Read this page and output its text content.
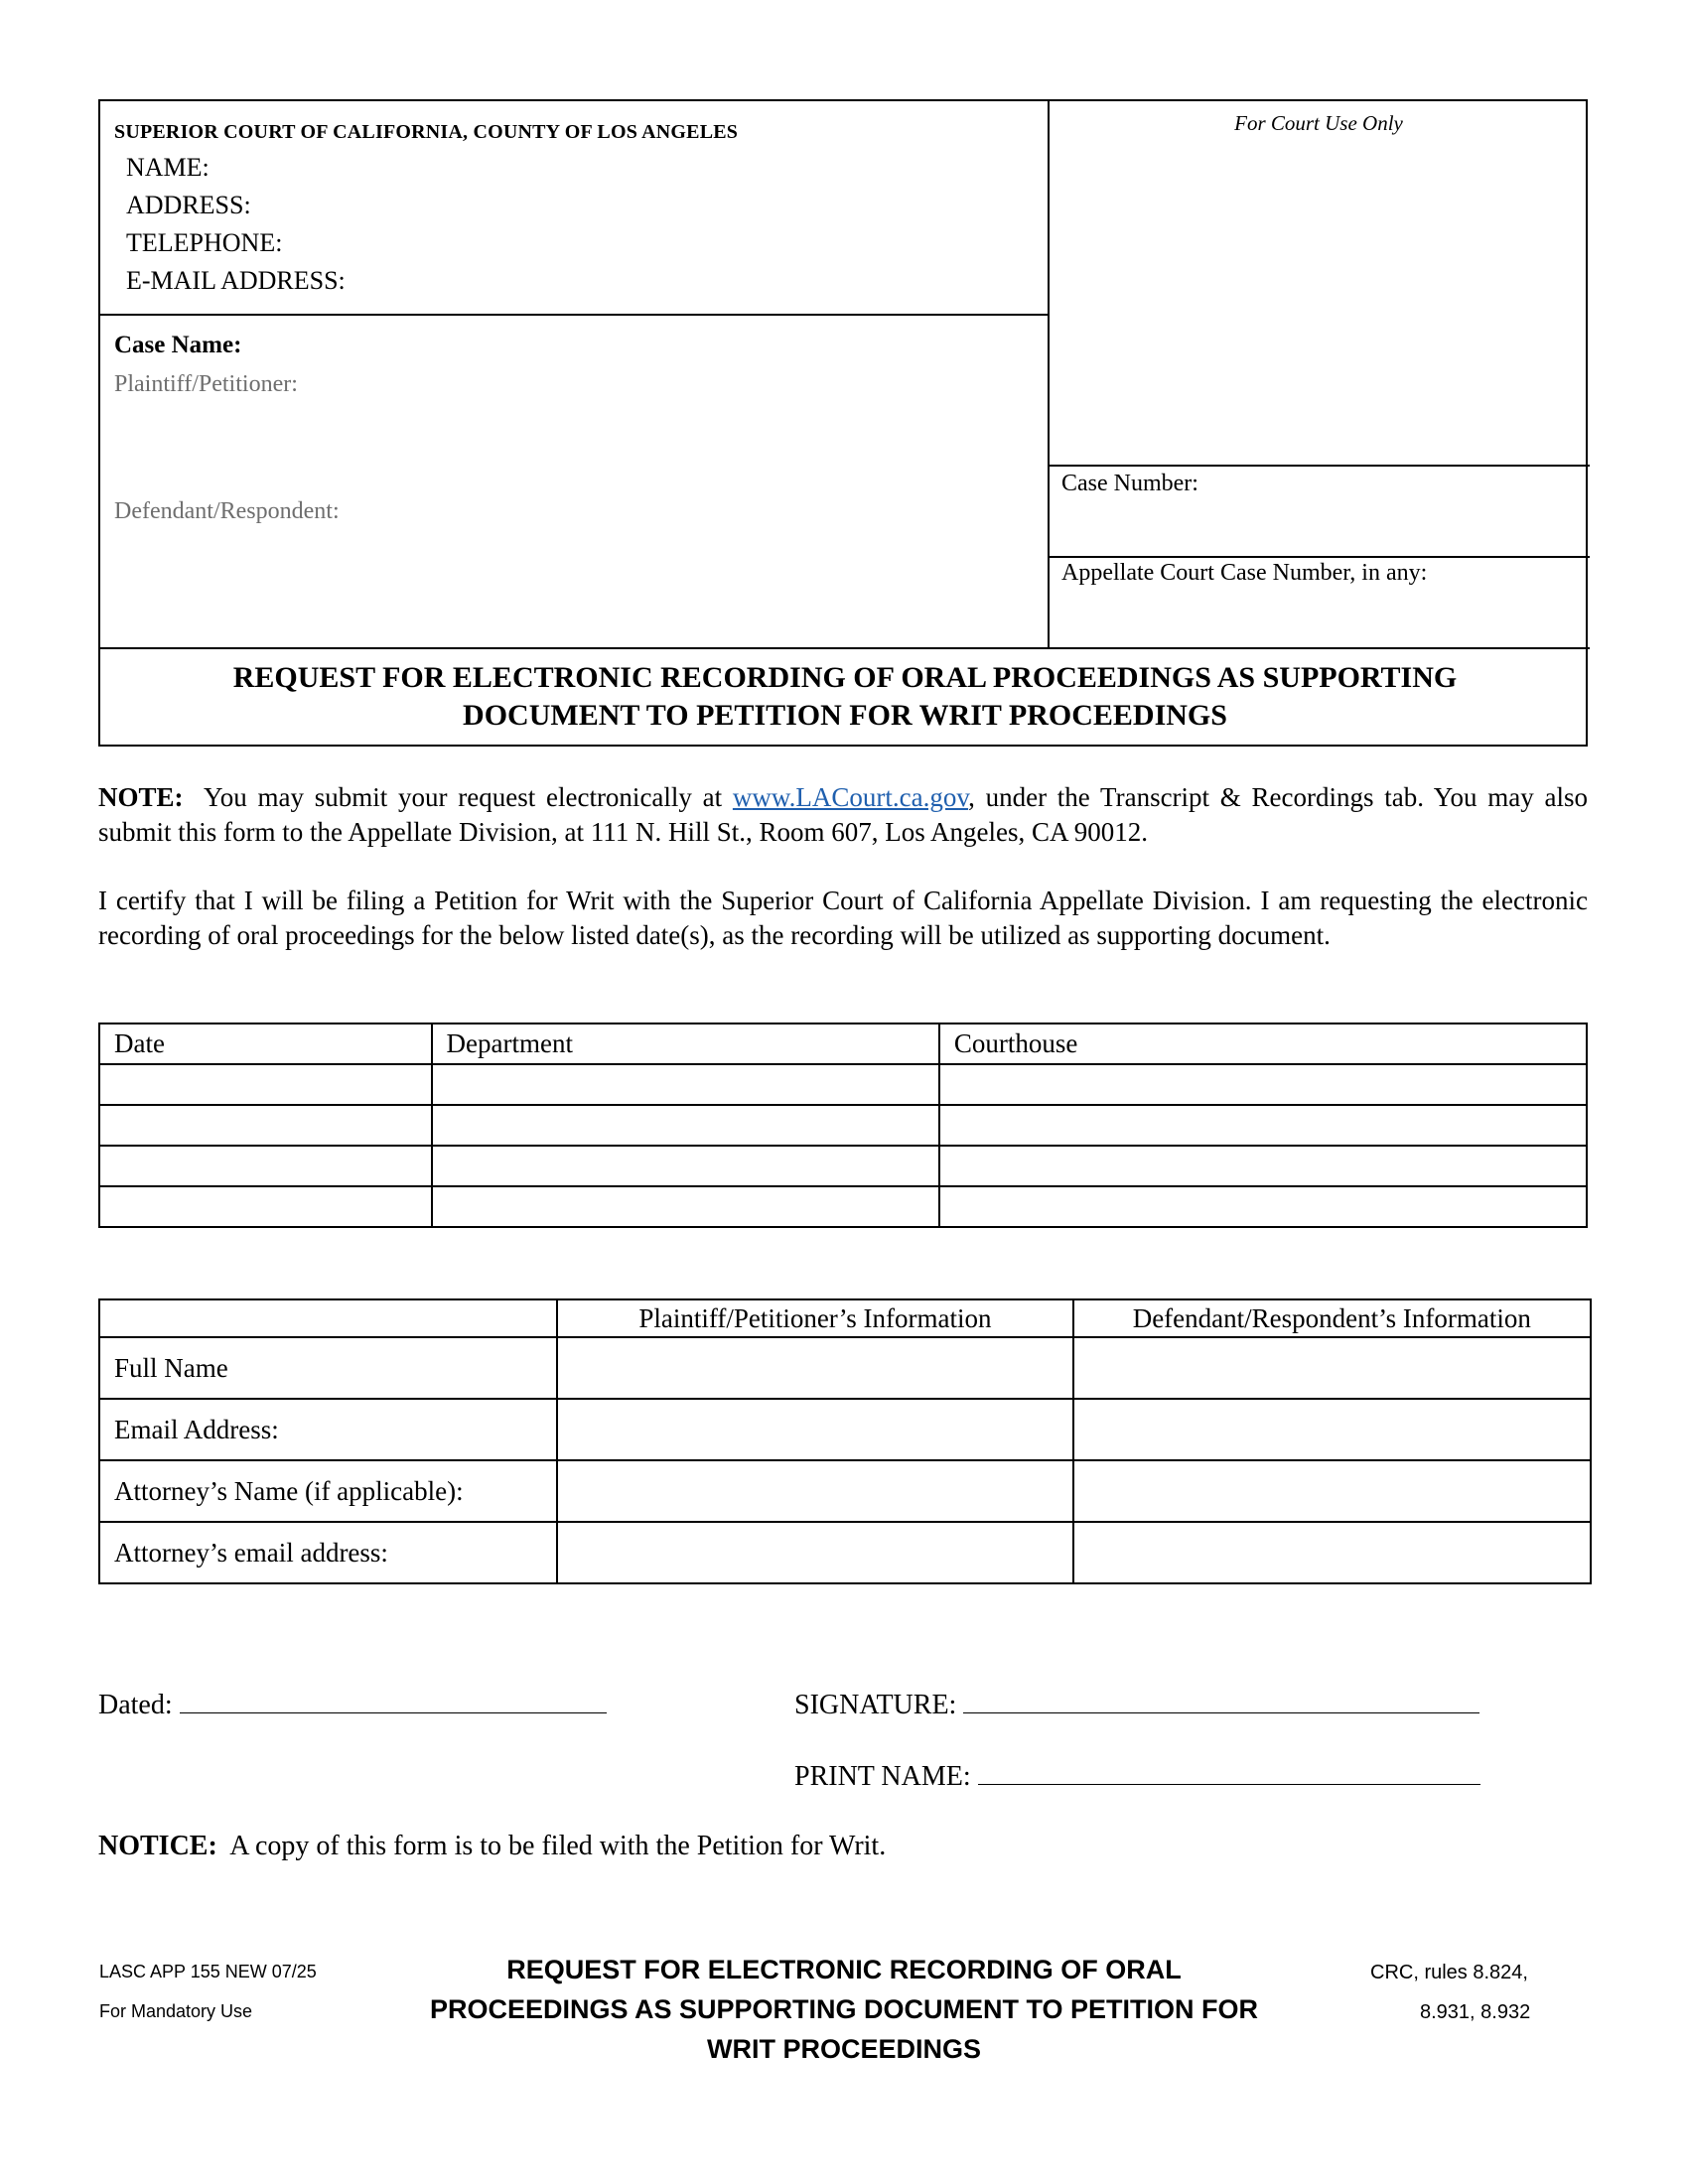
SUPERIOR COURT OF CALIFORNIA, COUNTY OF LOS ANGELES
NAME:
ADDRESS:
TELEPHONE:
E-MAIL ADDRESS:
For Court Use Only
Case Name:
Plaintiff/Petitioner:
Defendant/Respondent:
Case Number:
Appellate Court Case Number, in any:
REQUEST FOR ELECTRONIC RECORDING OF ORAL PROCEEDINGS AS SUPPORTING
DOCUMENT TO PETITION FOR WRIT PROCEEDINGS
NOTE: You may submit your request electronically at www.LACourt.ca.gov, under the Transcript & Recordings tab. You may also submit this form to the Appellate Division, at 111 N. Hill St., Room 607, Los Angeles, CA 90012.
I certify that I will be filing a Petition for Writ with the Superior Court of California Appellate Division. I am requesting the electronic recording of oral proceedings for the below listed date(s), as the recording will be utilized as supporting document.
Date	Department	Courthouse

	Plaintiff/Petitioner’s Information	Defendant/Respondent’s Information
Full Name		
Email Address:		
Attorney’s Name (if applicable):		
Attorney’s email address:		
Dated:	SIGNATURE:
PRINT NAME:
NOTICE: A copy of this form is to be filed with the Petition for Writ.
LASC APP 155 NEW 07/25
For Mandatory Use
REQUEST FOR ELECTRONIC RECORDING OF ORAL
PROCEEDINGS AS SUPPORTING DOCUMENT TO PETITION FOR
WRIT PROCEEDINGS
CRC, rules 8.824,
8.931, 8.932
